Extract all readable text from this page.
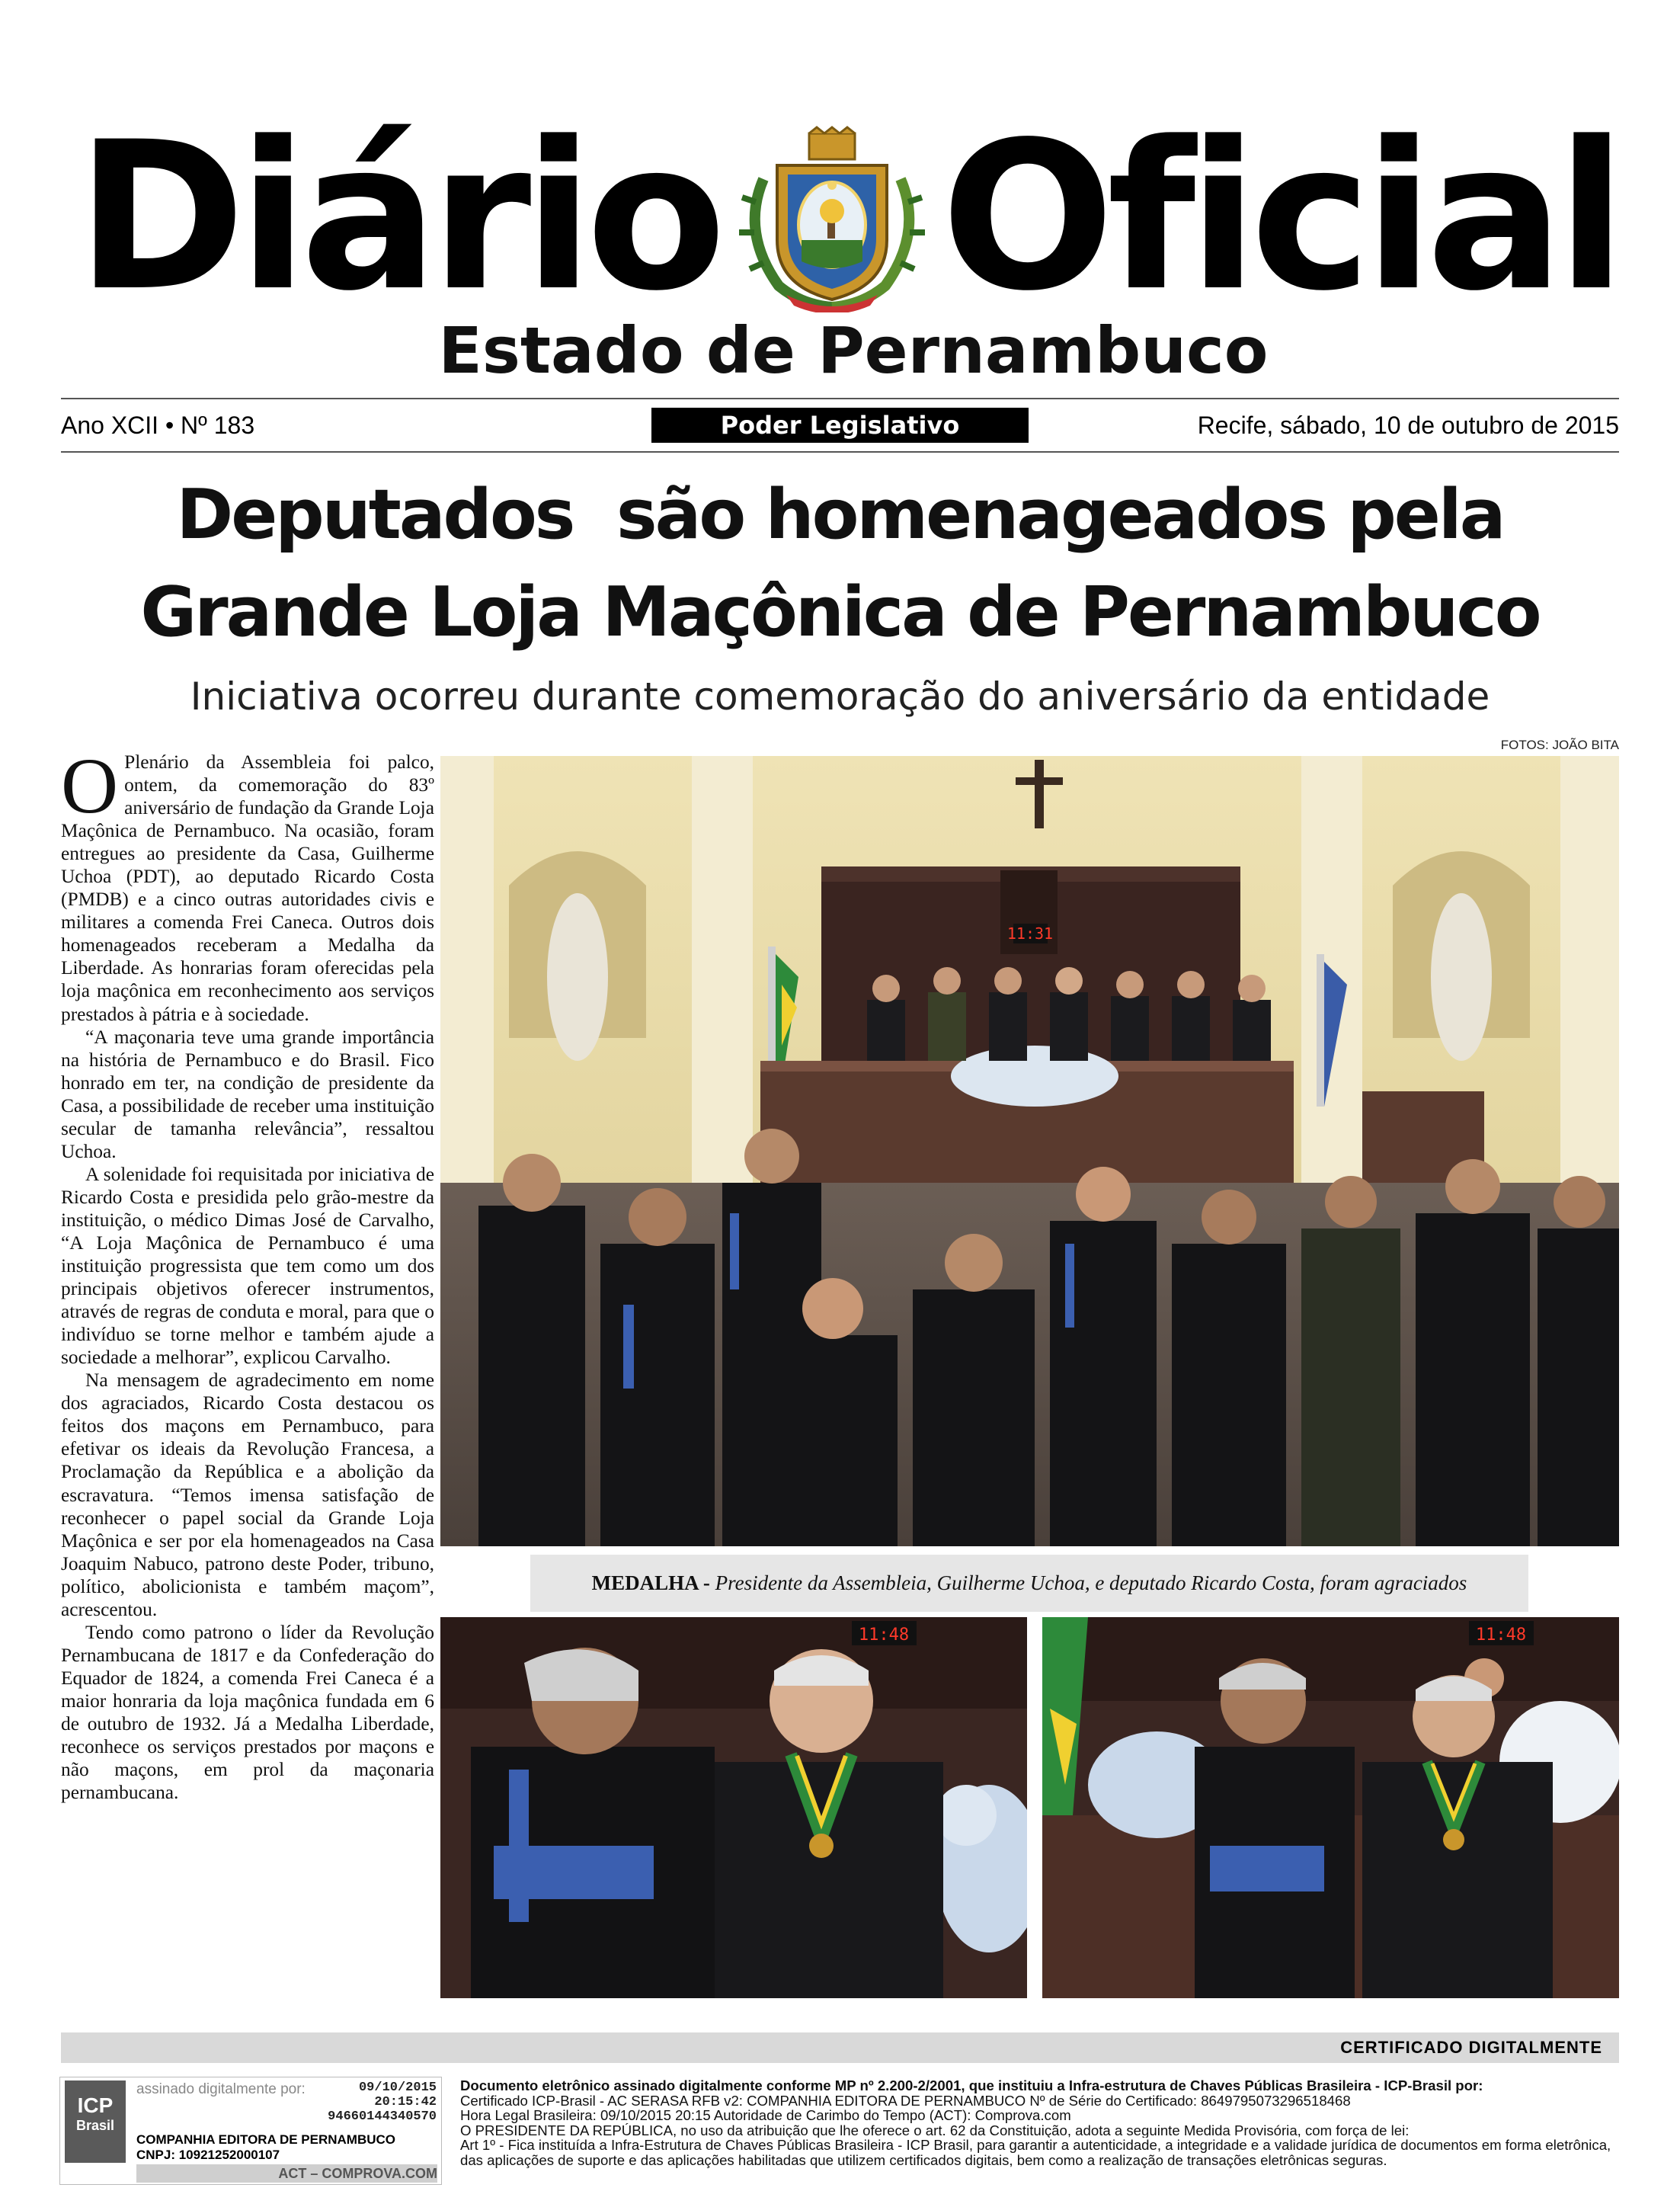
Diário Oficial
Estado de Pernambuco
Ano XCII • Nº 183	Poder Legislativo	Recife, sábado, 10 de outubro de 2015
Deputados  são homenageados pela
Grande Loja Maçônica de Pernambuco
Iniciativa ocorreu durante comemoração do aniversário da entidade
FOTOS: JOÃO BITA

O Plenário da Assembleia foi palco, ontem, da comemoração do 83º aniversário de fundação da Grande Loja Maçônica de Pernambuco. Na ocasião, foram entregues ao presidente da Casa, Guilherme Uchoa (PDT), ao deputado Ricardo Costa (PMDB) e a cinco outras autoridades civis e militares a comenda Frei Caneca. Outros dois homenageados receberam a Medalha da Liberdade. As honrarias foram oferecidas pela loja maçônica em reconhecimento aos serviços prestados à pátria e à sociedade.

“A maçonaria teve uma grande importância na história de Pernambuco e do Brasil. Fico honrado em ter, na condição de presidente da Casa, a possibilidade de receber uma instituição secular de tamanha relevância”, ressaltou Uchoa.

A solenidade foi requisitada por iniciativa de Ricardo Costa e presidida pelo grão-mestre da instituição, o médico Dimas José de Carvalho, “A Loja Maçônica de Pernambuco é uma instituição progressista que tem como um dos principais objetivos oferecer instrumentos, através de regras de conduta e moral, para que o indivíduo se torne melhor e também ajude a sociedade a melhorar”, explicou Carvalho.

Na mensagem de agradecimento em nome dos agraciados, Ricardo Costa destacou os feitos dos maçons em Pernambuco, para efetivar os ideais da Revolução Francesa, a Proclamação da República e a abolição da escravatura. “Temos imensa satisfação de reconhecer o papel social da Grande Loja Maçônica e ser por ela homenageados na Casa Joaquim Nabuco, patrono deste Poder, tribuno, político, abolicionista e também maçom”, acrescentou.

Tendo como patrono o líder da Revolução Pernambucana de 1817 e da Confederação do Equador de 1824, a comenda Frei Caneca é a maior honraria da loja maçônica fundada em 6 de outubro de 1932. Já a Medalha Liberdade, reconhece os serviços prestados por maçons e não maçons, em prol da maçonaria pernambucana.

11:31
MEDALHA - Presidente da Assembleia, Guilherme Uchoa, e deputado Ricardo Costa, foram agraciados
11:48	11:48
CERTIFICADO DIGITALMENTE
ICP
Brasil
assinado digitalmente por:	09/10/2015
20:15:42
94660144340570
COMPANHIA EDITORA DE PERNAMBUCO
CNPJ: 10921252000107
ACT – COMPROVA.COM
Documento eletrônico assinado digitalmente conforme MP nº 2.200-2/2001, que instituiu a Infra-estrutura de Chaves Públicas Brasileira - ICP-Brasil por:
Certificado ICP-Brasil - AC SERASA RFB v2: COMPANHIA EDITORA DE PERNAMBUCO Nº de Série do Certificado: 8649795073296518468
Hora Legal Brasileira: 09/10/2015 20:15 Autoridade de Carimbo do Tempo (ACT): Comprova.com
O PRESIDENTE DA REPÚBLICA, no uso da atribuição que lhe oferece o art. 62 da Constituição, adota a seguinte Medida Provisória, com força de lei:
Art 1º - Fica instituída a Infra-Estrutura de Chaves Públicas Brasileira - ICP Brasil, para garantir a autenticidade, a integridade e a validade jurídica de documentos em forma eletrônica,
das aplicações de suporte e das aplicações habilitadas que utilizem certificados digitais, bem como a realização de transações eletrônicas seguras.
